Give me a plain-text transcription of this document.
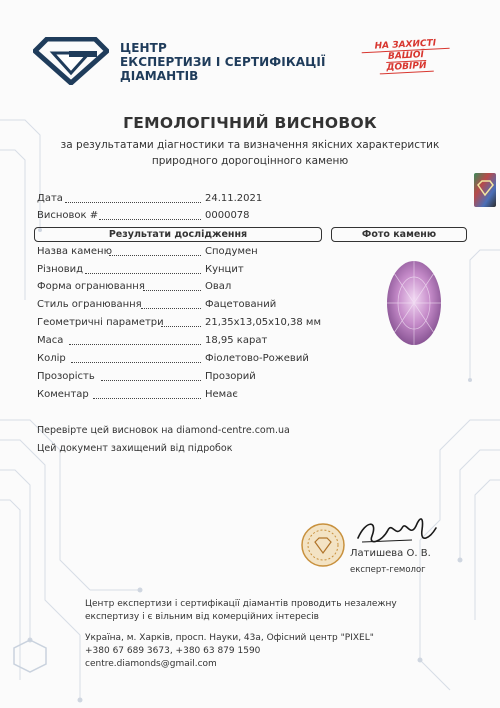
ЦЕНТР
ЕКСПЕРТИЗИ І СЕРТИФІКАЦІЇ
ДІАМАНТІВ
НА ЗАХИСТІ
ВАШОЇ
ДОВІРИ
ГЕМОЛОГІЧНИЙ ВИСНОВОК
за результатами діагностики та визначення якісних характеристик
природного дорогоцінного каменю
Дата	24.11.2021
Висновок #	0000078
Результати дослідження	Фото каменю
Назва каменю	Сподумен
Різновид	Кунцит
Форма огранювання	Овал
Стиль огранювання	Фацетований
Геометричні параметри	21,35x13,05x10,38 мм
Маса	18,95 карат
Колір	Фіолетово-Рожевий
Прозорість	Прозорий
Коментар	Немає
Перевірте цей висновок на diamond-centre.com.ua
Цей документ захищений від підробок
Латишева О. В.
експерт-гемолог
Центр експертизи і сертифікації діамантів проводить незалежну
експертизу і є вільним від комерційних інтересів
Україна, м. Харків, просп. Науки, 43а, Офісний центр "PIXEL"
+380 67 689 3673, +380 63 879 1590
centre.diamonds@gmail.com
